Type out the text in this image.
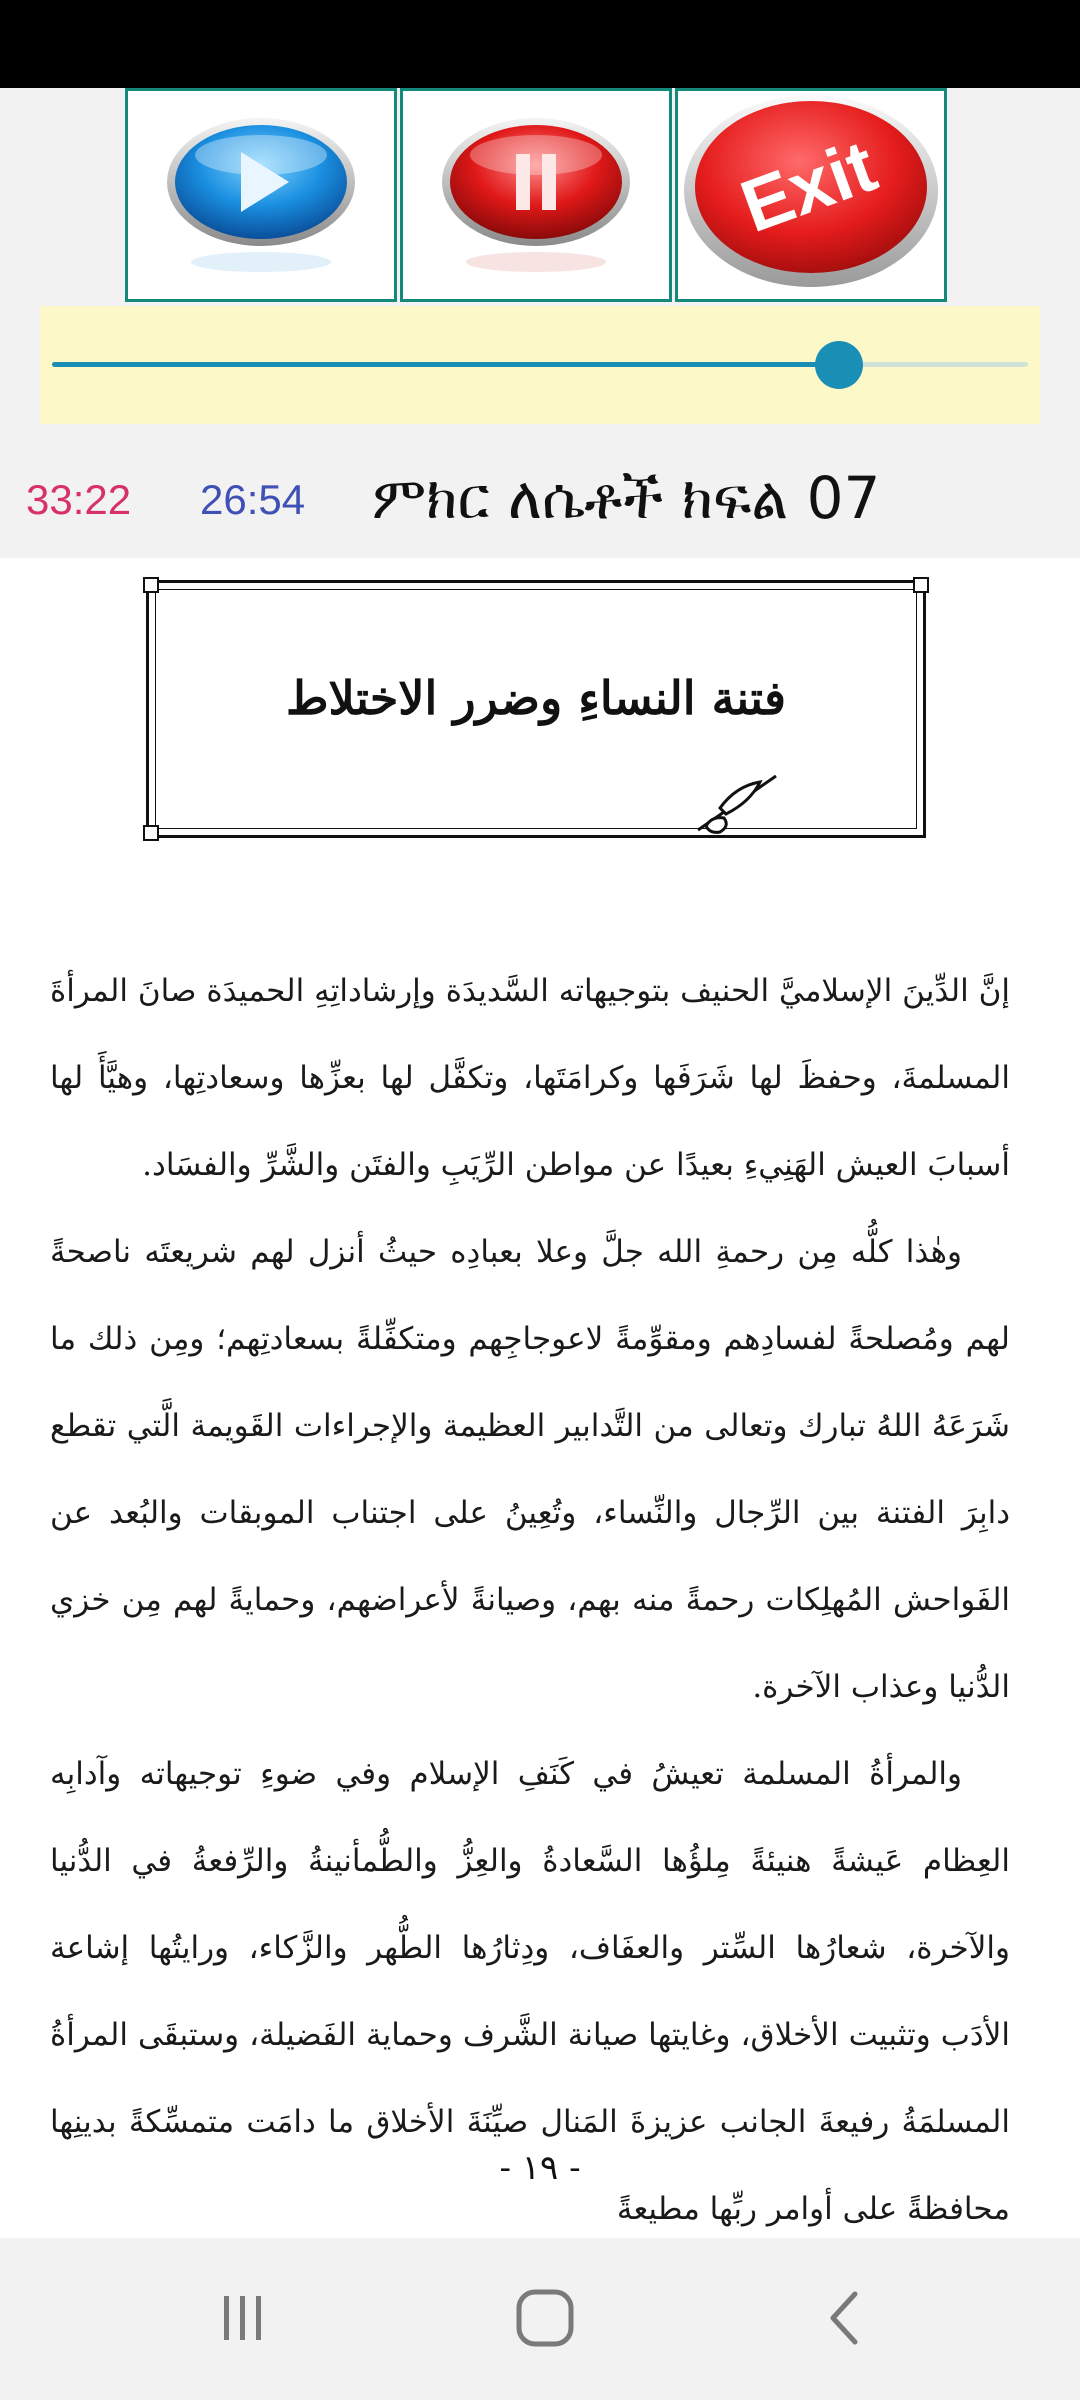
Exit
33:22 26:54 ምክር ለሴቶች ክፍል 07
فتنة النساءِ وضرر الاختلاط

إنَّ الدِّينَ الإسلاميَّ الحنيف بتوجيهاته السَّديدَة وإرشاداتِهِ الحميدَة صانَ المرأةَ المسلمةَ، وحفظَ لها شَرَفَها وكرامَتَها، وتكفَّل لها بعزِّها وسعادتِها، وهيَّأَ لها أسبابَ العيش الهَنِيءِ بعيدًا عن مواطن الرِّيَبِ والفتَن والشَّرِّ والفسَاد.

وهٰذا كلُّه مِن رحمةِ الله جلَّ وعلا بعبادِه حيثُ أنزل لهم شريعتَه ناصحةً لهم ومُصلحةً لفسادِهم ومقوِّمةً لاعوجاجِهم ومتكفِّلةً بسعادتِهم؛ ومِن ذلك ما شَرَعَهُ اللهُ تبارك وتعالى من التَّدابير العظيمة والإجراءات القَويمة الَّتي تقطع دابِرَ الفتنة بين الرِّجال والنِّساء، وتُعِينُ على اجتناب الموبقات والبُعد عن الفَواحش المُهلِكات رحمةً منه بهم، وصيانةً لأعراضهم، وحمايةً لهم مِن خزي الدُّنيا وعذاب الآخرة.

والمرأةُ المسلمة تعيشُ في كَنَفِ الإسلام وفي ضوءِ توجيهاته وآدابِه العِظام عَيشةً هنيئةً مِلؤُها السَّعادةُ والعِزُّ والطُّمأنينةُ والرِّفعةُ في الدُّنيا والآخرة، شعارُها السِّتر والعفَاف، ودِثارُها الطُّهر والزَّكاء، ورايتُها إشاعة الأدَب وتثبيت الأخلاق، وغايتها صيانة الشَّرف وحماية الفَضيلة، وستبقَى المرأةُ المسلمَةُ رفيعةَ الجانب عزيزةَ المَنال صيِّنَةَ الأخلاق ما دامَت متمسِّكةً بدينِها محافظةً على أوامر ربِّها مطيعةً

- ١٩ -
